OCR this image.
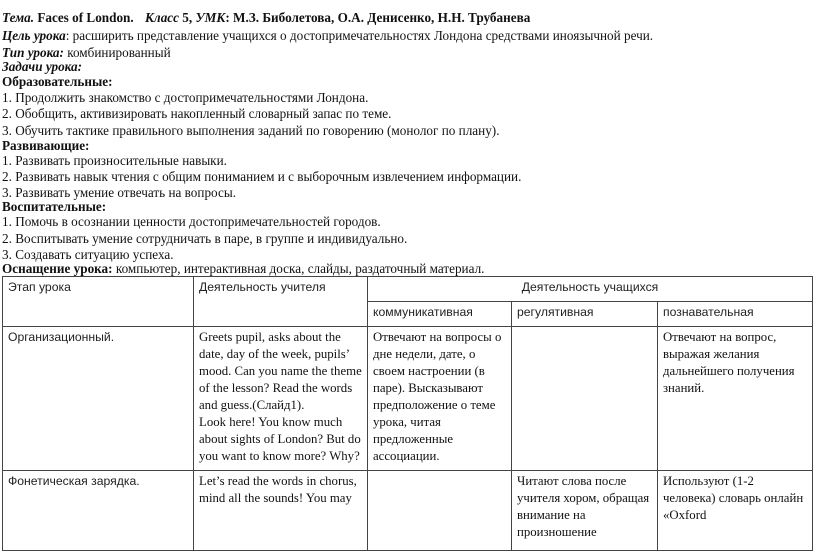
Тема. Faces of London. Класс 5, УМК: М.З. Биболетова, О.А. Денисенко, Н.Н. Трубанева
Цель урока: расширить представление учащихся о достопримечательностях Лондона средствами иноязычной речи.
Тип урока: комбинированный
Задачи урока:
Образовательные:
1. Продолжить знакомство с достопримечательностями Лондона.
2. Обобщить, активизировать накопленный словарный запас по теме.
3. Обучить тактике правильного выполнения заданий по говорению (монолог по плану).
Развивающие:
1. Развивать произносительные навыки.
2. Развивать навык чтения с общим пониманием и с выборочным извлечением информации.
3. Развивать умение отвечать на вопросы.
Воспитательные:
1. Помочь в осознании ценности достопримечательностей городов.
2. Воспитывать умение сотрудничать в паре, в группе и индивидуально.
3. Создавать ситуацию успеха.
Оснащение урока: компьютер, интерактивная доска, слайды, раздаточный материал.
Этап урока	Деятельность учителя	Деятельность учащихся		
		коммуникативная	регулятивная	познавательная
Организационный.	Greets pupil, asks about the date, day of the week, pupils’ mood. Can you name the theme of the lesson? Read the words and guess.(Слайд1).
Look here! You know much about sights of London? But do you want to know more? Why?	Отвечают на вопросы о дне недели, дате, о своем настроении (в паре). Высказывают предположение о теме урока, читая предложенные ассоциации.		Отвечают на вопрос, выражая желания дальнейшего получения знаний.
Фонетическая зарядка.	Let’s read the words in chorus, mind all the sounds! You may		Читают слова после учителя хором, обращая внимание на произношение	Используют (1-2 человека) словарь онлайн «Oxford
